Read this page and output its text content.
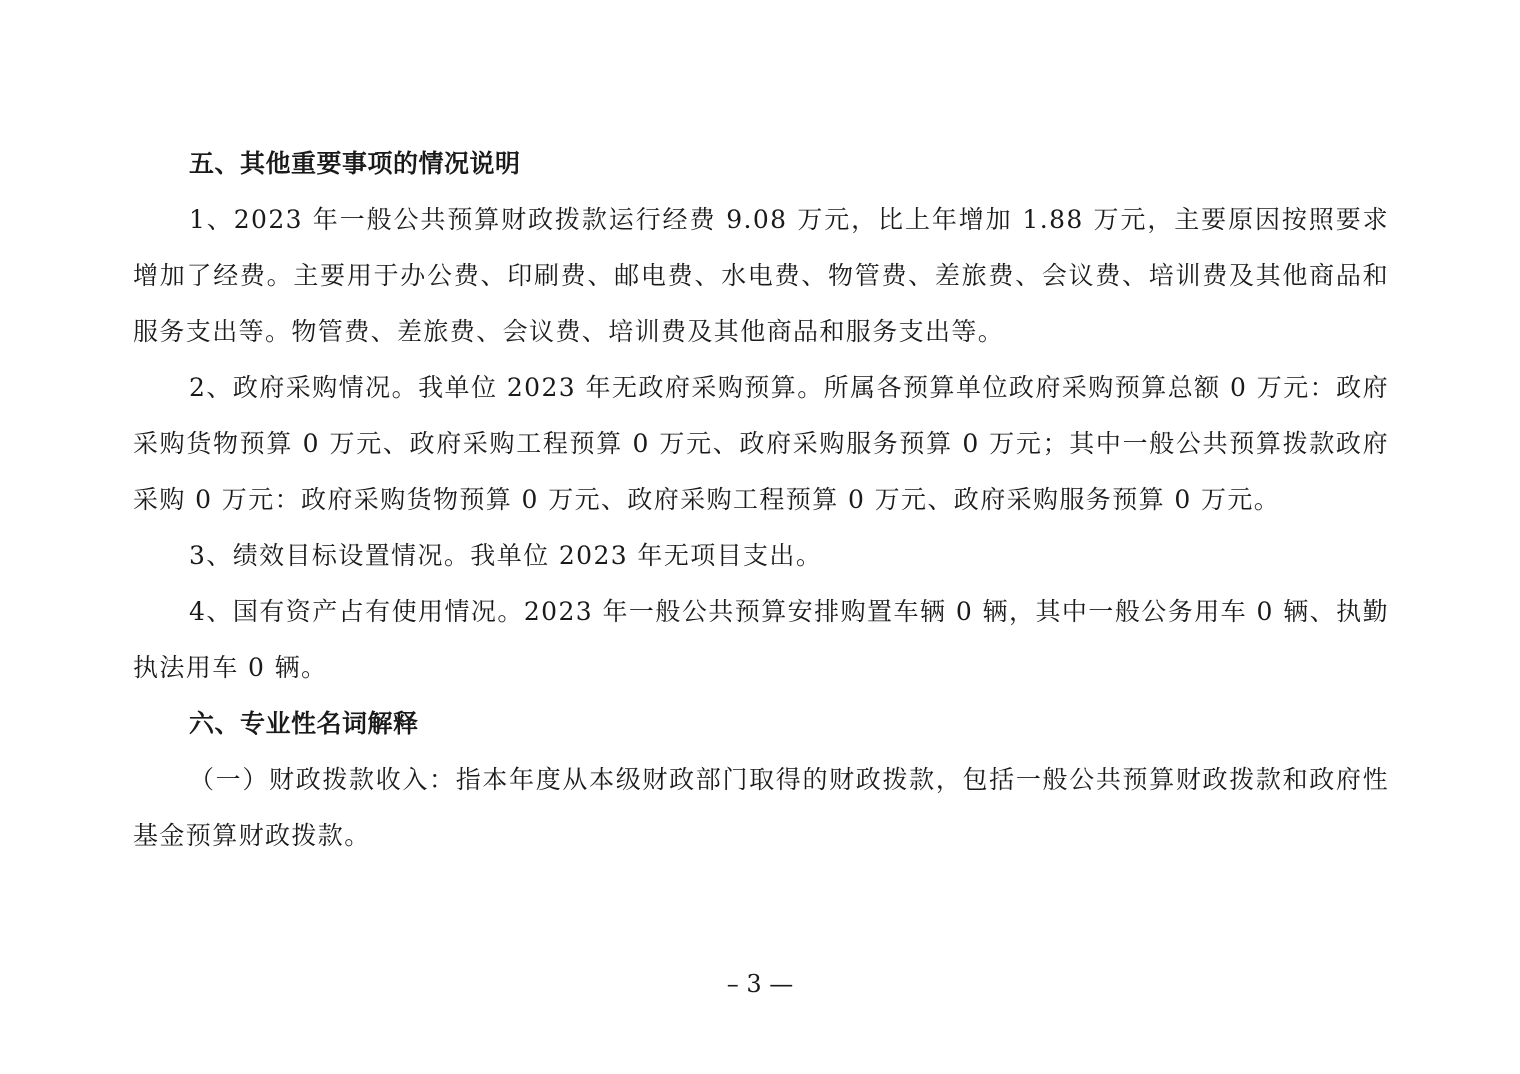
五、其他重要事项的情况说明

1、2023 年一般公共预算财政拨款运行经费 9.08 万元，比上年增加 1.88 万元，主要原因按照要求增加了经费。主要用于办公费、印刷费、邮电费、水电费、物管费、差旅费、会议费、培训费及其他商品和服务支出等。物管费、差旅费、会议费、培训费及其他商品和服务支出等。

2、政府采购情况。我单位 2023 年无政府采购预算。所属各预算单位政府采购预算总额 0 万元：政府采购货物预算 0 万元、政府采购工程预算 0 万元、政府采购服务预算 0 万元；其中一般公共预算拨款政府采购 0 万元：政府采购货物预算 0 万元、政府采购工程预算 0 万元、政府采购服务预算 0 万元。

3、绩效目标设置情况。我单位 2023 年无项目支出。

4、国有资产占有使用情况。2023 年一般公共预算安排购置车辆 0 辆，其中一般公务用车 0 辆、执勤执法用车 0 辆。

六、专业性名词解释

（一）财政拨款收入：指本年度从本级财政部门取得的财政拨款，包括一般公共预算财政拨款和政府性基金预算财政拨款。

– 3 —
